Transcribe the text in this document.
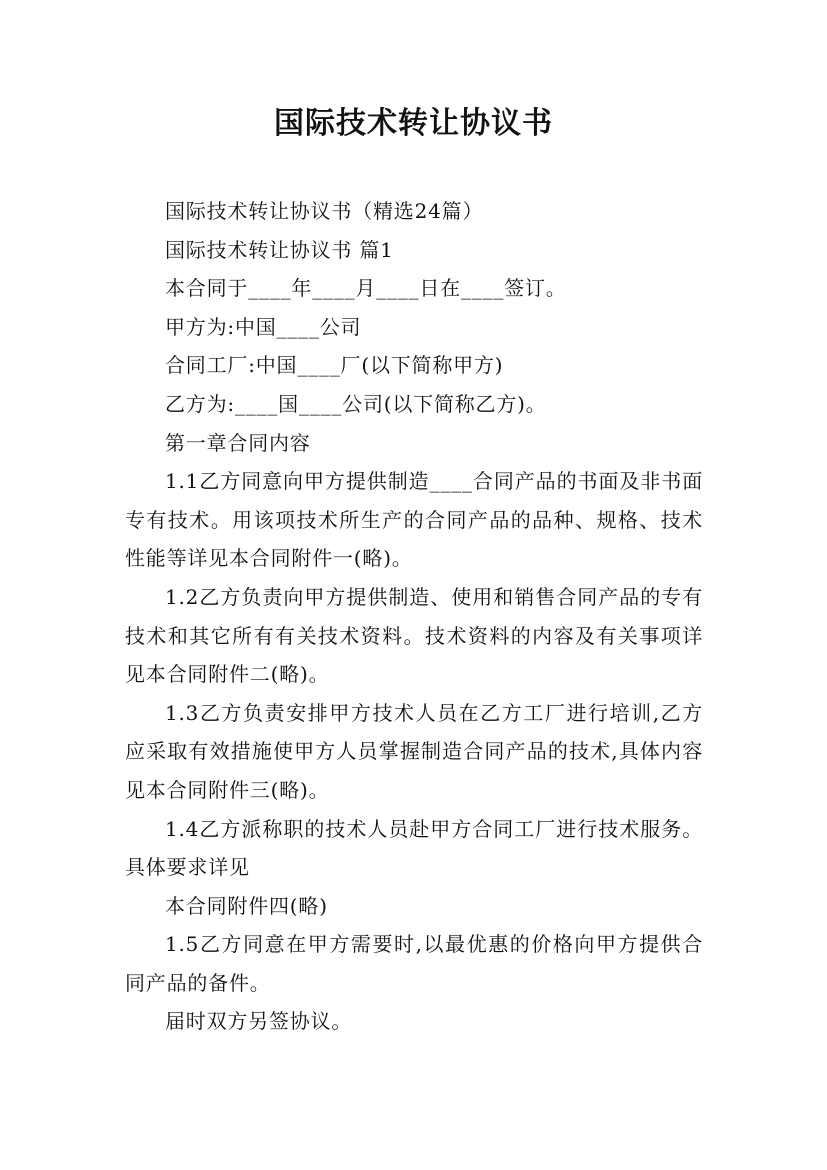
国际技术转让协议书

国际技术转让协议书（精选24篇）

国际技术转让协议书 篇1

本合同于____年____月____日在____签订。

甲方为:中国____公司

合同工厂:中国____厂(以下简称甲方)

乙方为:____国____公司(以下简称乙方)。

第一章合同内容

1.1乙方同意向甲方提供制造____合同产品的书面及非书面专有技术。用该项技术所生产的合同产品的品种、规格、技术性能等详见本合同附件一(略)。

1.2乙方负责向甲方提供制造、使用和销售合同产品的专有技术和其它所有有关技术资料。技术资料的内容及有关事项详见本合同附件二(略)。

1.3乙方负责安排甲方技术人员在乙方工厂进行培训,乙方应采取有效措施使甲方人员掌握制造合同产品的技术,具体内容见本合同附件三(略)。

1.4乙方派称职的技术人员赴甲方合同工厂进行技术服务。具体要求详见

本合同附件四(略)

1.5乙方同意在甲方需要时,以最优惠的价格向甲方提供合同产品的备件。

届时双方另签协议。
